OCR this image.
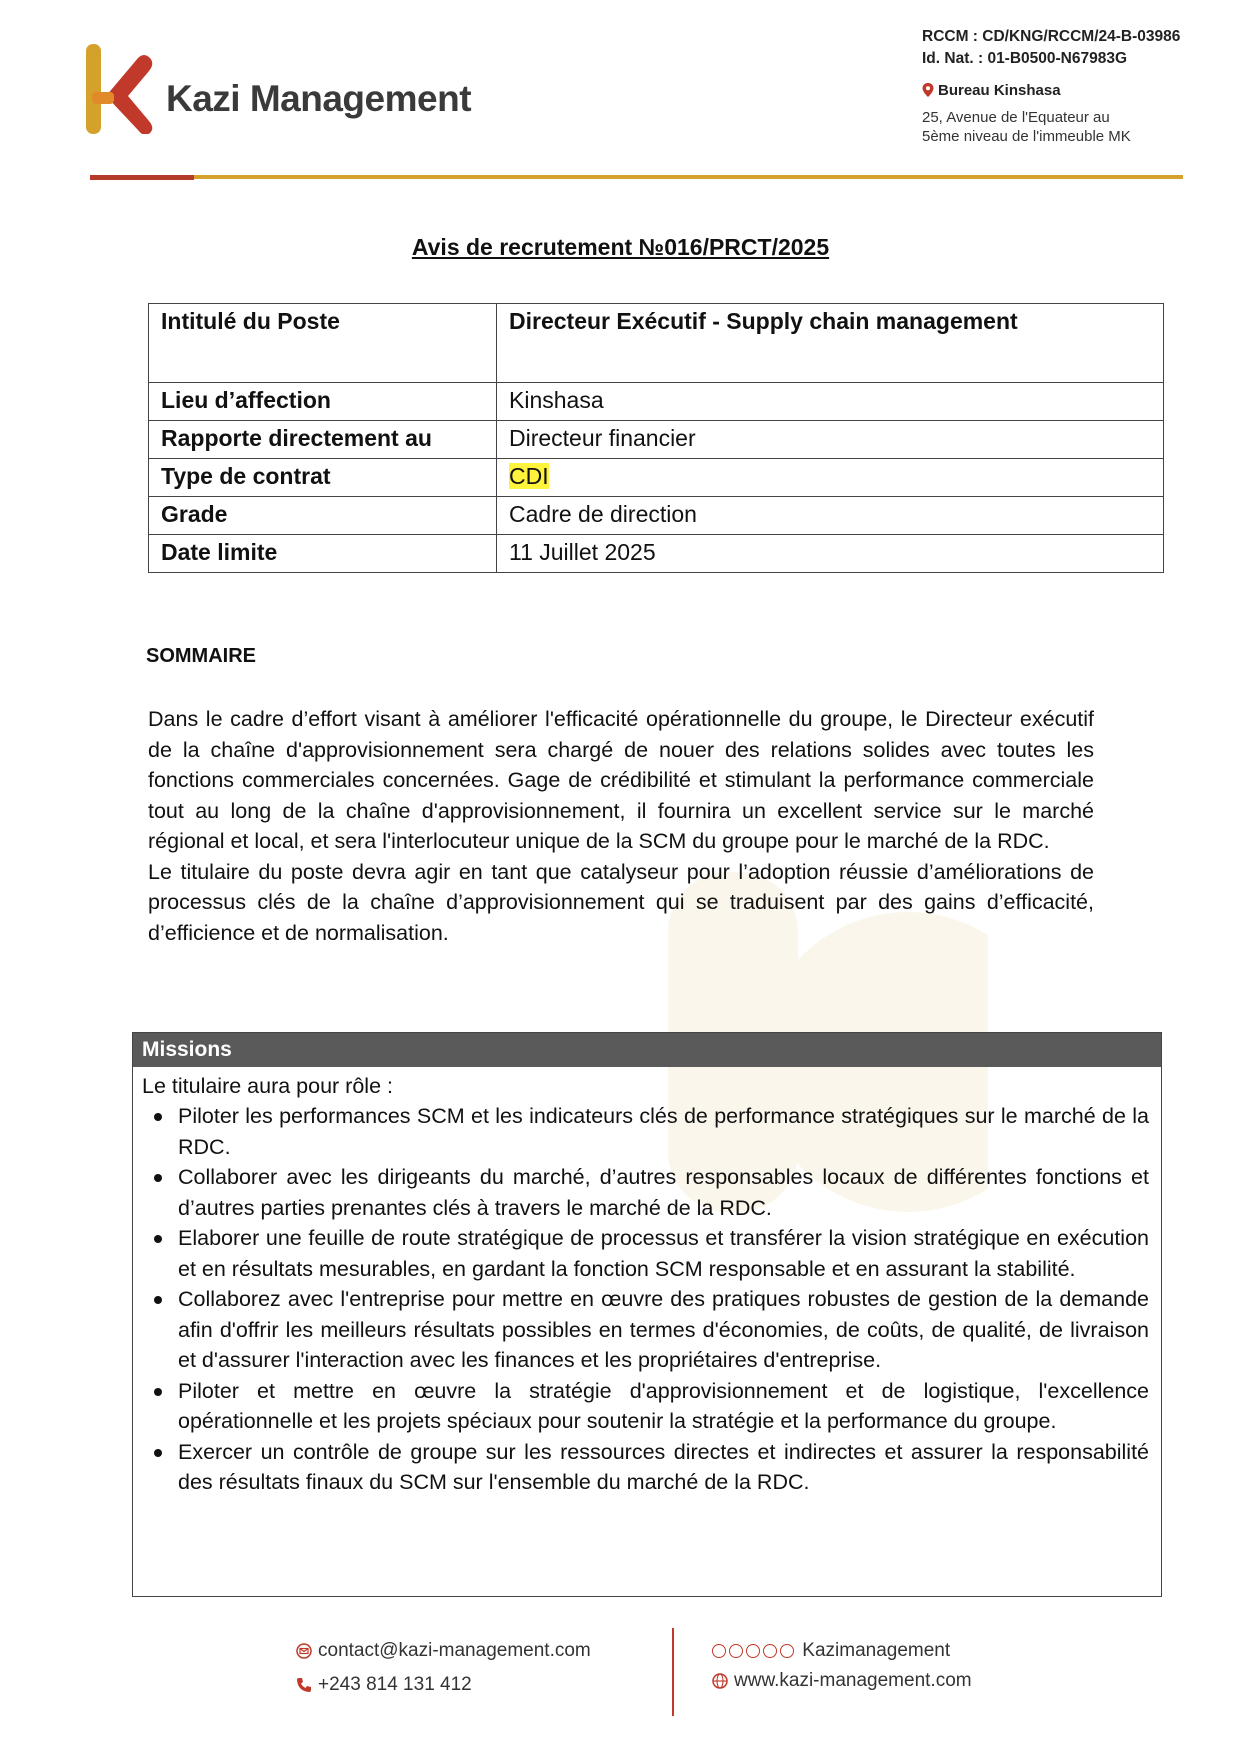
Kazi Management
RCCM : CD/KNG/RCCM/24-B-03986
Id. Nat. : 01-B0500-N67983G
Bureau Kinshasa
25, Avenue de l'Equateur au
5ème niveau de l'immeuble MK
Avis de recrutement №016/PRCT/2025
Intitulé du Poste	Directeur Exécutif - Supply chain management
Lieu d’affection	Kinshasa
Rapporte directement au	Directeur financier
Type de contrat	CDI
Grade	Cadre de direction
Date limite	11 Juillet 2025
SOMMAIRE

Dans le cadre d’effort visant à améliorer l'efficacité opérationnelle du groupe, le Directeur exécutif de la chaîne d'approvisionnement sera chargé de nouer des relations solides avec toutes les fonctions commerciales concernées. Gage de crédibilité et stimulant la performance commerciale tout au long de la chaîne d'approvisionnement, il fournira un excellent service sur le marché régional et local, et sera l'interlocuteur unique de la SCM du groupe pour le marché de la RDC.

Le titulaire du poste devra agir en tant que catalyseur pour l’adoption réussie d’améliorations de processus clés de la chaîne d’approvisionnement qui se traduisent par des gains d’efficacité, d’efficience et de normalisation.

Missions
Le titulaire aura pour rôle :
Piloter les performances SCM et les indicateurs clés de performance stratégiques sur le marché de la RDC.
Collaborer avec les dirigeants du marché, d’autres responsables locaux de différentes fonctions et d’autres parties prenantes clés à travers le marché de la RDC.
Elaborer une feuille de route stratégique de processus et transférer la vision stratégique en exécution et en résultats mesurables, en gardant la fonction SCM responsable et en assurant la stabilité.
Collaborez avec l'entreprise pour mettre en œuvre des pratiques robustes de gestion de la demande afin d'offrir les meilleurs résultats possibles en termes d'économies, de coûts, de qualité, de livraison et d'assurer l'interaction avec les finances et les propriétaires d'entreprise.
Piloter et mettre en œuvre la stratégie d'approvisionnement et de logistique, l'excellence opérationnelle et les projets spéciaux pour soutenir la stratégie et la performance du groupe.
Exercer un contrôle de groupe sur les ressources directes et indirectes et assurer la responsabilité des résultats finaux du SCM sur l'ensemble du marché de la RDC.
contact@kazi-management.com
+243 814 131 412
Kazimanagement
www.kazi-management.com
